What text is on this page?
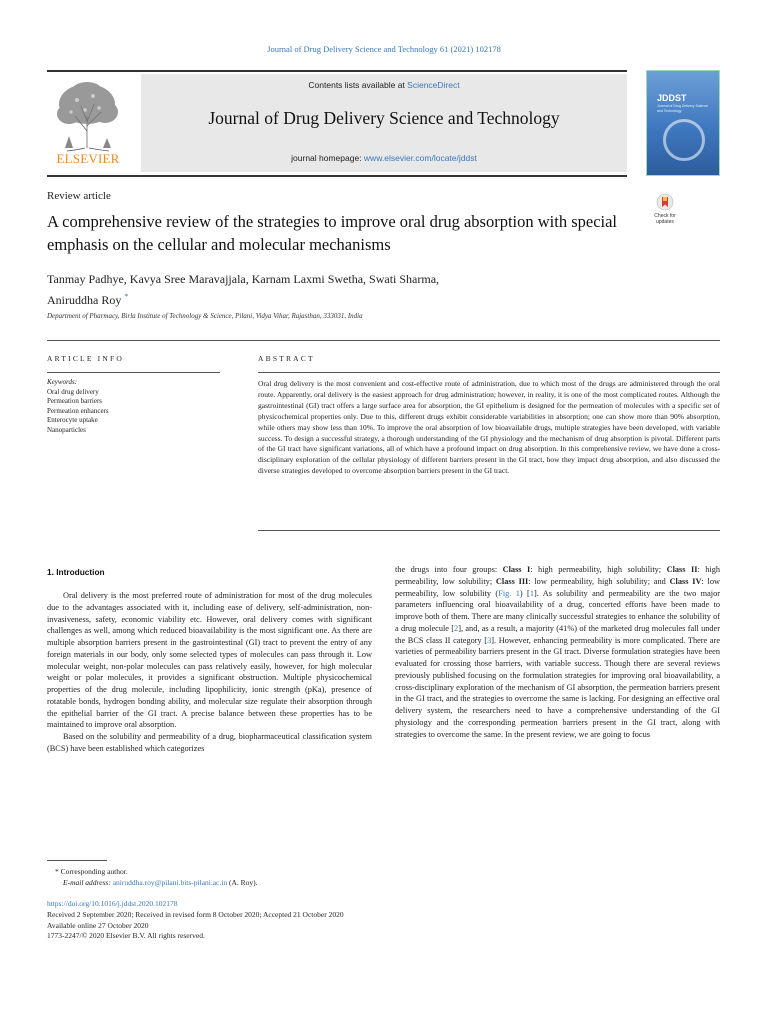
Journal of Drug Delivery Science and Technology 61 (2021) 102178
ELSEVIER
Contents lists available at ScienceDirect
Journal of Drug Delivery Science and Technology
journal homepage: www.elsevier.com/locate/jddst
JDDST
Journal of Drug Delivery Science and Technology
Review article
A comprehensive review of the strategies to improve oral drug absorption with special emphasis on the cellular and molecular mechanisms
Check for updates
Tanmay Padhye, Kavya Sree Maravajjala, Karnam Laxmi Swetha, Swati Sharma,
Aniruddha Roy *
Department of Pharmacy, Birla Institute of Technology & Science, Pilani, Vidya Vihar, Rajasthan, 333031, India
ARTICLE INFO	ABSTRACT
Keywords:
Oral drug delivery
Permeation barriers
Permeation enhancers
Enterocyte uptake
Nanoparticles
Oral drug delivery is the most convenient and cost-effective route of administration, due to which most of the drugs are administered through the oral route. Apparently, oral delivery is the easiest approach for drug administration; however, in reality, it is one of the most complicated routes. Although the gastrointestinal (GI) tract offers a large surface area for absorption, the GI epithelium is designed for the permeation of molecules with a specific set of physicochemical properties only. Due to this, different drugs exhibit considerable variabilities in absorption; one can show more than 90% absorption, while others may show less than 10%. To improve the oral absorption of low bioavailable drugs, multiple strategies have been developed, with variable success. To design a successful strategy, a thorough understanding of the GI physiology and the mechanism of drug absorption is pivotal. Different parts of the GI tract have significant variations, all of which have a profound impact on drug absorption. In this comprehensive review, we have done a cross-disciplinary exploration of the cellular physiology of different barriers present in the GI tract, how they impact drug absorption, and also discussed the diverse strategies developed to overcome absorption barriers present in the GI tract.
1. Introduction

Oral delivery is the most preferred route of administration for most of the drug molecules due to the advantages associated with it, including ease of delivery, self-administration, non-invasiveness, safety, economic viability etc. However, oral delivery comes with significant challenges as well, among which reduced bioavailability is the most significant one. As there are multiple absorption barriers present in the gastrointestinal (GI) tract to prevent the entry of any foreign materials in our body, only some selected types of molecules can pass through it. Low molecular weight, non-polar molecules can pass relatively easily, however, for high molecular weight or polar molecules, it provides a significant obstruction. Multiple physicochemical properties of the drug molecule, including lipophilicity, ionic strength (pKa), presence of rotatable bonds, hydrogen bonding ability, and molecular size regulate their absorption through the epithelial barrier of the GI tract. A precise balance between these properties has to be maintained to improve oral absorption.

Based on the solubility and permeability of a drug, biopharmaceutical classification system (BCS) have been established which categorizes

the drugs into four groups: Class I: high permeability, high solubility; Class II: high permeability, low solubility; Class III: low permeability, high solubility; and Class IV: low permeability, low solubility (Fig. 1) [1]. As solubility and permeability are the two major parameters influencing oral bioavailability of a drug, concerted efforts have been made to improve both of them. There are many clinically successful strategies to enhance the solubility of a drug molecule [2], and, as a result, a majority (41%) of the marketed drug molecules fall under the BCS class II category [3]. However, enhancing permeability is more complicated. There are varieties of permeability barriers present in the GI tract. Diverse formulation strategies have been evaluated for crossing those barriers, with variable success. Though there are several reviews previously published focusing on the formulation strategies for improving oral bioavailability, a cross-disciplinary exploration of the mechanism of GI absorption, the permeation barriers present in the GI tract, and the strategies to overcome the same is lacking. For designing an effective oral delivery system, the researchers need to have a comprehensive understanding of the GI physiology and the corresponding permeation barriers present in the GI tract, along with strategies to overcome the same. In the present review, we are going to focus

* Corresponding author.
E-mail address: aniruddha.roy@pilani.bits-pilani.ac.in (A. Roy).
https://doi.org/10.1016/j.jddst.2020.102178
Received 2 September 2020; Received in revised form 8 October 2020; Accepted 21 October 2020
Available online 27 October 2020
1773-2247/© 2020 Elsevier B.V. All rights reserved.
